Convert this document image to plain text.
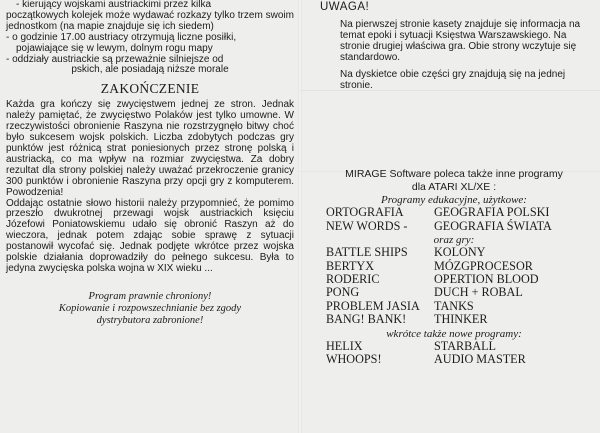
- kierujący wojskami austriackimi przez kilka

początkowych kolejek może wydawać rozkazy tylko trzem swoim jednostkom (na mapie znajduje się ich siedem)

- o godzinie 17.00 austriacy otrzymują liczne posiłki,

pojawiające się w lewym, dolnym rogu mapy

- oddziały austriackie są przeważnie silniejsze od

pskich, ale posiadają niższe morale

ZAKOŃCZENIE

Każda gra kończy się zwycięstwem jednej ze stron. Jednak należy pamiętać, że zwycięstwo Polaków jest tylko umowne. W rzeczywistości obronienie Raszyna nie rozstrzygnęło bitwy choć było sukcesem wojsk polskich. Liczba zdobytych podczas gry punktów jest różnicą strat poniesionych przez stronę polską i austriacką, co ma wpływ na rozmiar zwycięstwa. Za dobry rezultat dla strony polskiej należy uważać przekroczenie granicy 300 punktów i obronienie Raszyna przy opcji gry z komputerem. Powodzenia!

Oddając ostatnie słowo historii należy przypomnieć, że pomimo przeszło dwukrotnej przewagi wojsk austriackich księciu Józefowi Poniatowskiemu udało się obronić Raszyn aż do wieczora, jednak potem zdając sobie sprawę z sytuacji postanowił wycofać się. Jednak podjęte wkrótce przez wojska polskie działania doprowadziły do pełnego sukcesu. Była to jedyna zwycięska polska wojna w XIX wieku ...

Program prawnie chroniony!
Kopiowanie i rozpowszechnianie bez zgody
dystrybutora zabronione!
UWAGA!

Na pierwszej stronie kasety znajduje się informacja na temat epoki i sytuacji Księstwa Warszawskiego. Na stronie drugiej właściwa gra. Obie strony wczytuje się standardowo.

Na dyskietce obie części gry znajdują się na jednej stronie.

MIRAGE Software poleca także inne programy
dla ATARI XL/XE :
Programy edukacyjne, użytkowe:
ORTOGRAFIA	GEOGRAFIA POLSKI
NEW WORDS -	GEOGRAFIA ŚWIATA
oraz gry:
BATTLE SHIPS	KOLONY
BERTYX	MÓZGPROCESOR
RODERIC	OPERTION BLOOD
PONG	DUCH + ROBAL
PROBLEM JASIA	TANKS
BANG! BANK!	THINKER
wkrótce także nowe programy:
HELIX	STARBALL
WHOOPS!	AUDIO MASTER
